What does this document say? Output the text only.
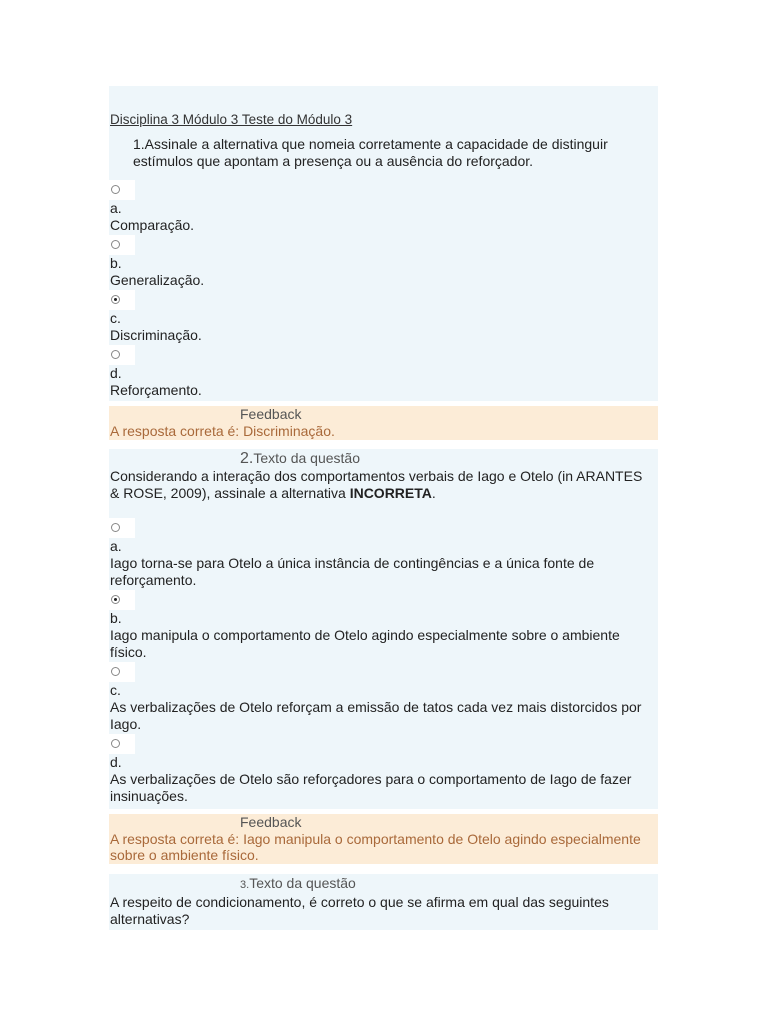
Disciplina 3 Módulo 3 Teste do Módulo 3
1.Assinale a alternativa que nomeia corretamente a capacidade de distinguir estímulos que apontam a presença ou a ausência do reforçador.
a.
Comparação.
b.
Generalização.
c.
Discriminação.
d.
Reforçamento.
Feedback
A resposta correta é: Discriminação.
2.Texto da questão
Considerando a interação dos comportamentos verbais de Iago e Otelo (in ARANTES & ROSE, 2009), assinale a alternativa INCORRETA.
a.
Iago torna-se para Otelo a única instância de contingências e a única fonte de reforçamento.
b.
Iago manipula o comportamento de Otelo agindo especialmente sobre o ambiente físico.
c.
As verbalizações de Otelo reforçam a emissão de tatos cada vez mais distorcidos por Iago.
d.
As verbalizações de Otelo são reforçadores para o comportamento de Iago de fazer insinuações.
Feedback
A resposta correta é: Iago manipula o comportamento de Otelo agindo especialmente sobre o ambiente físico.
3.Texto da questão
A respeito de condicionamento, é correto o que se afirma em qual das seguintes alternativas?
